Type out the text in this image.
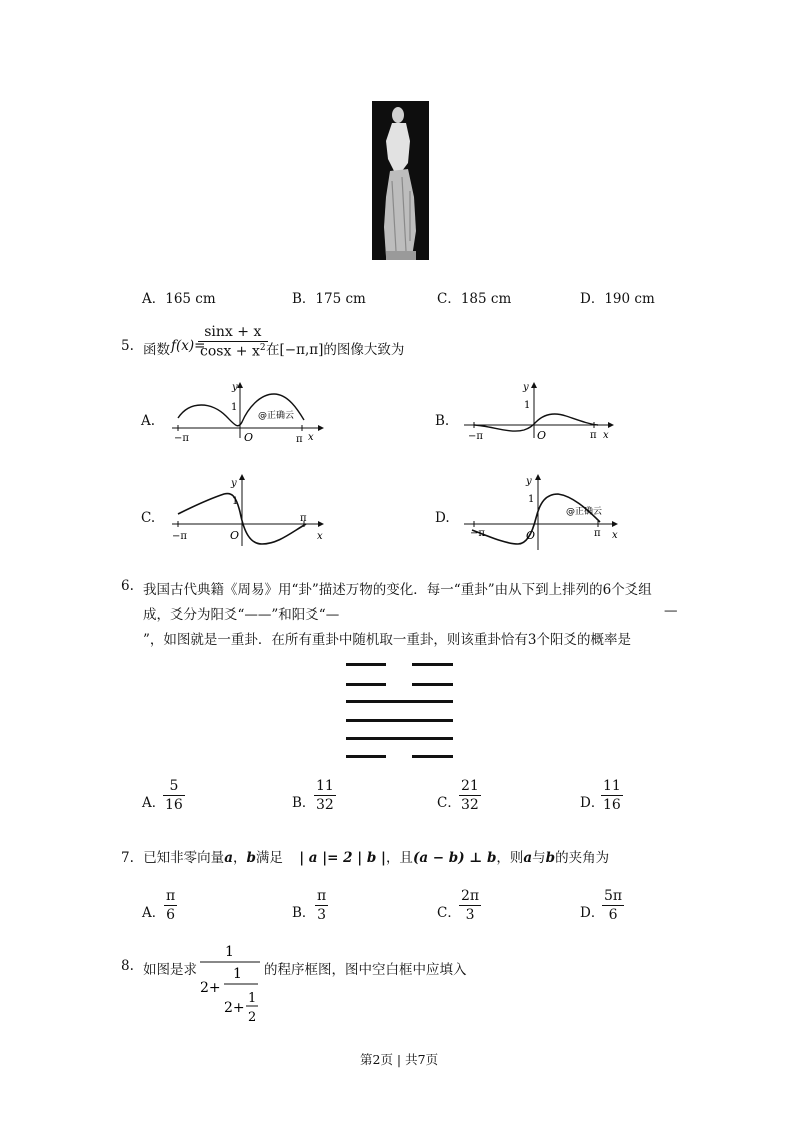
A．165 cm	B．175 cm	C．185 cm	D．190 cm
5. 函数 f(x)=
$\frac{\sin x + x}{\cos x + x^2}$
在[−π,π]的图像大致为
A.
−π	π x
y
1
O
@正确云	B.
−π	π x
y
1
O
C.
−π
π
x
y
1
O
D.
−π	π x
y
1
O
@正确云
6. 我国古代典籍《周易》用“卦”描述万物的变化．每一“重卦”由从下到上排列的6个爻组
成，爻分为阳爻“——”和阳爻“—	—
”，如图就是一重卦．在所有重卦中随机取一重卦，则该重卦恰有3个阳爻的概率是
A．
$\frac{5}{16}$	B．
$\frac{11}{32}$	C．
$\frac{21}{32}$	D．
$\frac{11}{16}$
7. 已知非零向量a，b满足 | a |= 2 | b |，且(a − b) ⊥ b，则a与b的夹角为
A．
$\frac{\pi}{6}$	B． $\frac{\pi}{3}$	C．
$\frac{2\pi}{3}$	D．
$\frac{5\pi}{6}$
8. 如图是求
1
2+
1
2+
1
2
的程序框图，图中空白框中应填入
第2页 | 共7页
